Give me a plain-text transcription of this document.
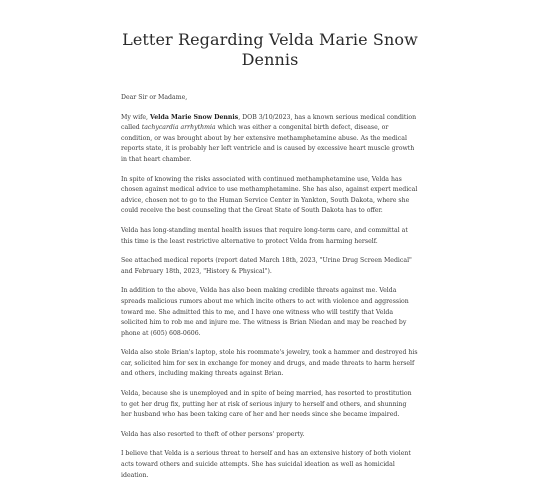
Letter Regarding Velda Marie Snow Dennis

Dear Sir or Madame,

My wife, Velda Marie Snow Dennis, DOB 3/10/2023, has a known serious medical condition called tachycardia arrhythmia which was either a congenital birth defect, disease, or condition, or was brought about by her extensive methamphetamine abuse. As the medical reports state, it is probably her left ventricle and is caused by excessive heart muscle growth in that heart chamber.

In spite of knowing the risks associated with continued methamphetamine use, Velda has chosen against medical advice to use methamphetamine. She has also, against expert medical advice, chosen not to go to the Human Service Center in Yankton, South Dakota, where she could receive the best counseling that the Great State of South Dakota has to offer.

Velda has long-standing mental health issues that require long-term care, and committal at this time is the least restrictive alternative to protect Velda from harming herself.

See attached medical reports (report dated March 18th, 2023, "Urine Drug Screen Medical" and February 18th, 2023, "History & Physical").

In addition to the above, Velda has also been making credible threats against me. Velda spreads malicious rumors about me which incite others to act with violence and aggression toward me. She admitted this to me, and I have one witness who will testify that Velda solicited him to rob me and injure me. The witness is Brian Niedan and may be reached by phone at (605) 608-0606.

Velda also stole Brian's laptop, stole his roommate's jewelry, took a hammer and destroyed his car, solicited him for sex in exchange for money and drugs, and made threats to harm herself and others, including making threats against Brian.

Velda, because she is unemployed and in spite of being married, has resorted to prostitution to get her drug fix, putting her at risk of serious injury to herself and others, and shunning her husband who has been taking care of her and her needs since she became impaired.

Velda has also resorted to theft of other persons' property.

I believe that Velda is a serious threat to herself and has an extensive history of both violent acts toward others and suicide attempts. She has suicidal ideation as well as homicidal ideation.
